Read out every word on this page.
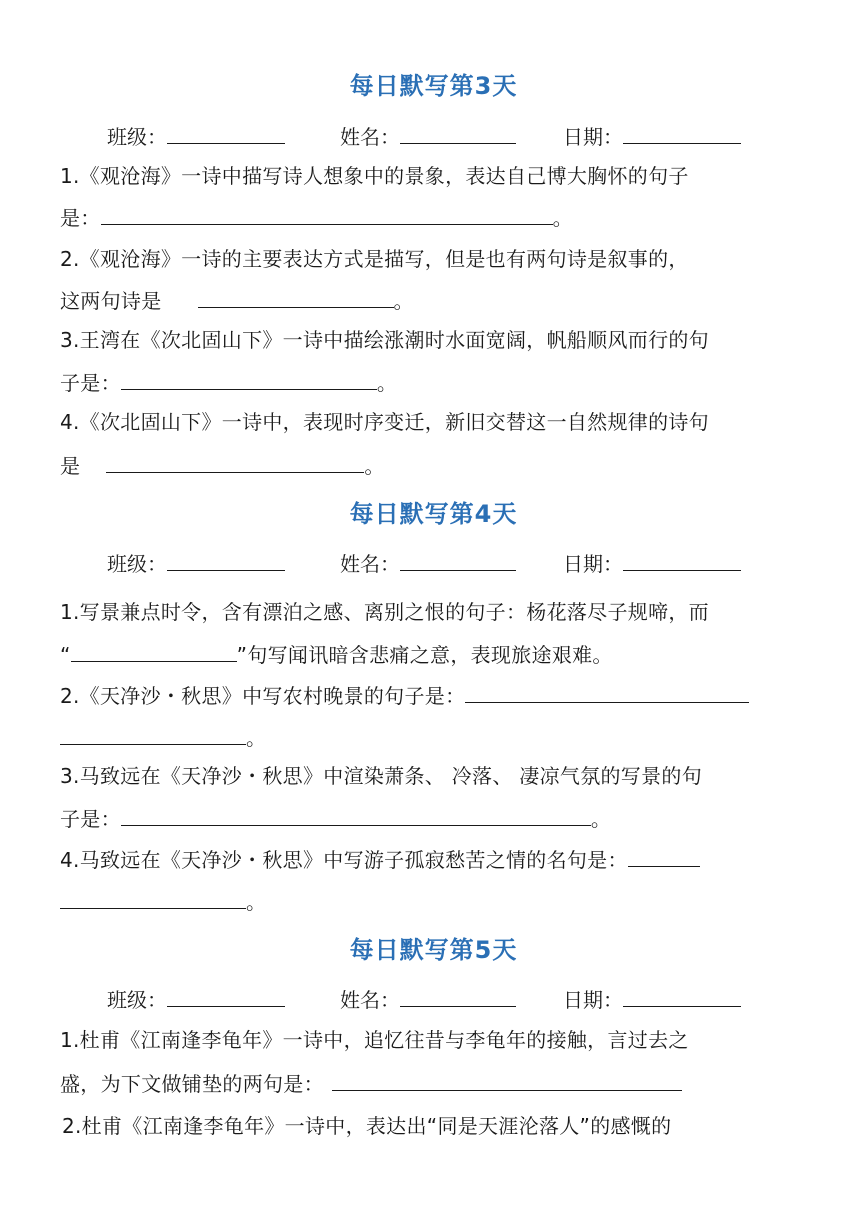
每日默写第3天
班级：	姓名：	日期：
1.《观沧海》一诗中描写诗人想象中的景象，表达自己博大胸怀的句子
是：	。
2.《观沧海》一诗的主要表达方式是描写，但是也有两句诗是叙事的，
这两句诗是	。
3.王湾在《次北固山下》一诗中描绘涨潮时水面宽阔，帆船顺风而行的句
子是：	。
4.《次北固山下》一诗中，表现时序变迁，新旧交替这一自然规律的诗句
是	。
每日默写第4天
班级：	姓名：	日期：
1.写景兼点时令，含有漂泊之感、离别之恨的句子：杨花落尽子规啼，而
“	”句写闻讯暗含悲痛之意，表现旅途艰难。
2.《天净沙・秋思》中写农村晚景的句子是：
。
3.马致远在《天净沙・秋思》中渲染萧条、 冷落、 凄凉气氛的写景的句
子是：	。
4.马致远在《天净沙・秋思》中写游子孤寂愁苦之情的名句是：
。
每日默写第5天
班级：	姓名：	日期：
1.杜甫《江南逢李龟年》一诗中，追忆往昔与李龟年的接触，言过去之
盛，为下文做铺垫的两句是：
2.杜甫《江南逢李龟年》一诗中，表达出“同是天涯沦落人”的感慨的
